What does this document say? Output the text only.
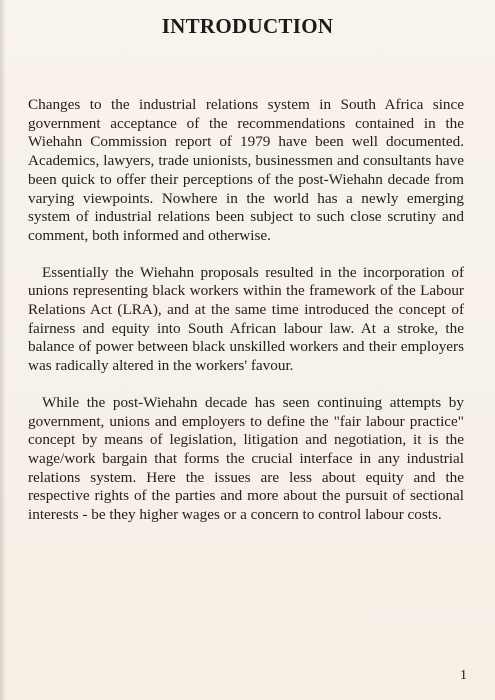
INTRODUCTION

Changes to the industrial relations system in South Africa since government acceptance of the recommendations contained in the Wiehahn Commission report of 1979 have been well documented. Academics, lawyers, trade unionists, businessmen and consultants have been quick to offer their perceptions of the post-Wiehahn decade from varying viewpoints. Nowhere in the world has a newly emerging system of industrial relations been subject to such close scrutiny and comment, both informed and otherwise.

Essentially the Wiehahn proposals resulted in the incorporation of unions representing black workers within the framework of the Labour Relations Act (LRA), and at the same time introduced the concept of fairness and equity into South African labour law. At a stroke, the balance of power between black unskilled workers and their employers was radically altered in the workers' favour.

While the post-Wiehahn decade has seen continuing attempts by government, unions and employers to define the "fair labour practice" concept by means of legislation, litigation and negotiation, it is the wage/work bargain that forms the crucial interface in any industrial relations system. Here the issues are less about equity and the respective rights of the parties and more about the pursuit of sectional interests - be they higher wages or a concern to control labour costs.

1
